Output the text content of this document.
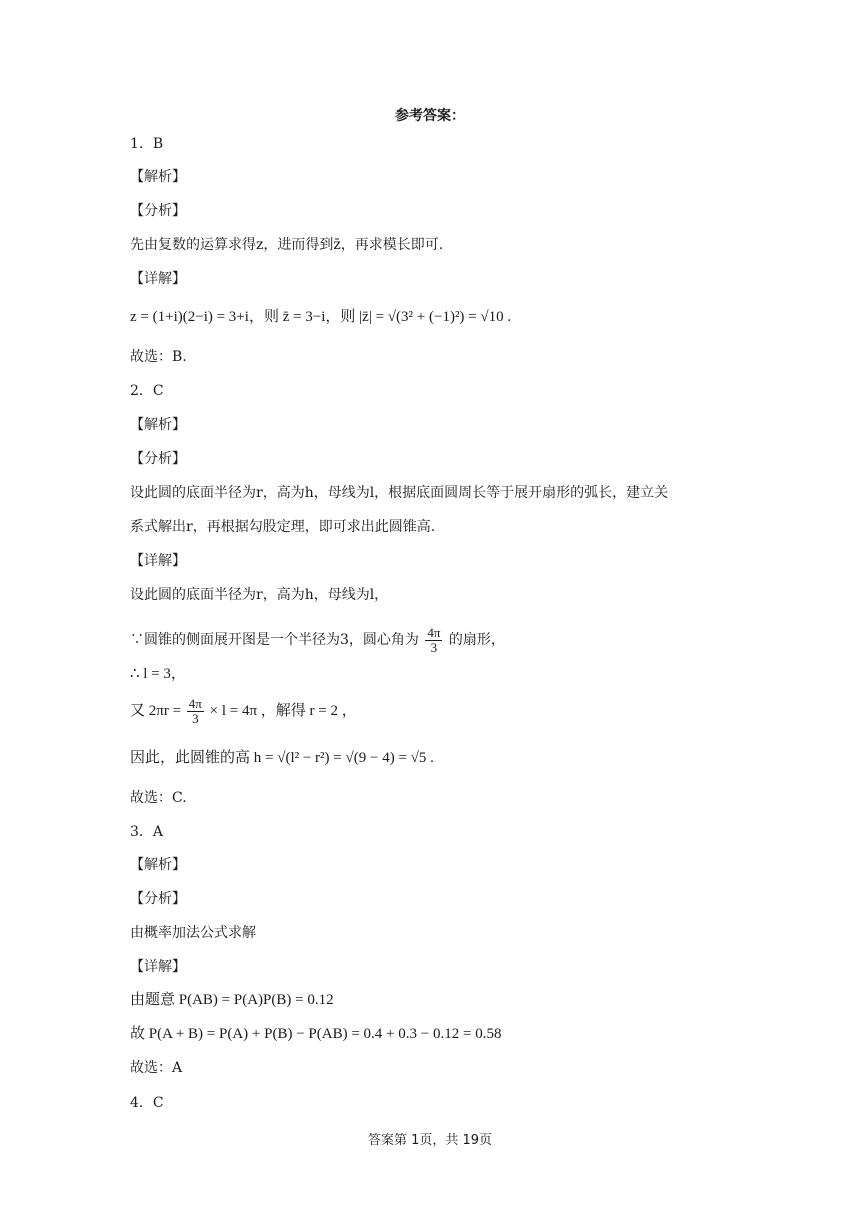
参考答案：
1．B
【解析】
【分析】
先由复数的运算求得z，进而得到z̄，再求模长即可.
【详解】
z = (1+i)(2−i) = 3+i，则 z̄ = 3−i，则 |z̄| = √(3² + (−1)²) = √10 .
故选：B.
2．C
【解析】
【分析】
设此圆的底面半径为r，高为h，母线为l，根据底面圆周长等于展开扇形的弧长，建立关
系式解出r，再根据勾股定理，即可求出此圆锥高.
【详解】
设此圆的底面半径为r，高为h，母线为l，
∵圆锥的侧面展开图是一个半径为3，圆心角为 $\frac{4\pi}{3}$ 的扇形，
∴ l = 3，
又 $2\pi r = \frac{4\pi}{3} \times l = 4\pi$ ，解得 r = 2 ，
因此，此圆锥的高 h = √(l² − r²) = √(9 − 4) = √5 .
故选：C.
3．A
【解析】
【分析】
由概率加法公式求解
【详解】
由题意 P(AB) = P(A)P(B) = 0.12
故 P(A + B) = P(A) + P(B) − P(AB) = 0.4 + 0.3 − 0.12 = 0.58
故选：A
4．C
答案第 1页，共 19页
